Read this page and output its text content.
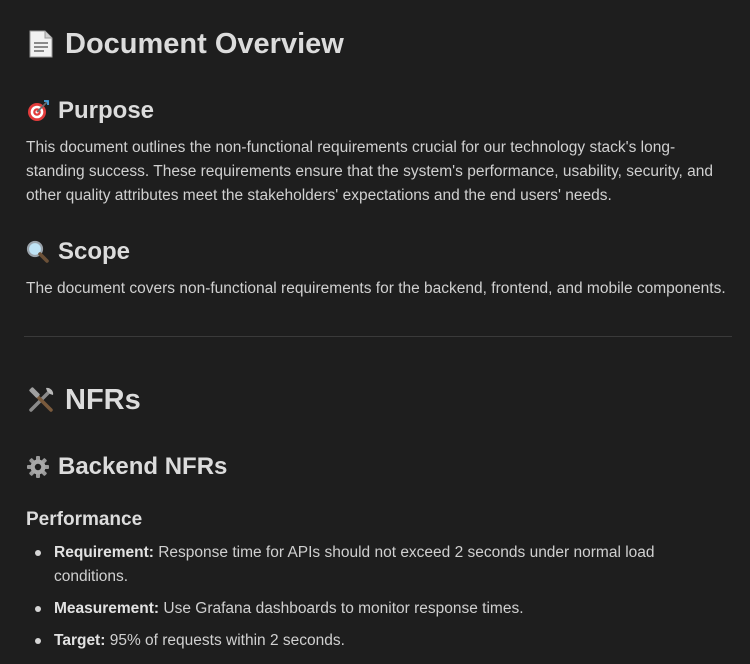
Document Overview
Purpose

This document outlines the non-functional requirements crucial for our technology stack's long-standing success. These requirements ensure that the system's performance, usability, security, and other quality attributes meet the stakeholders' expectations and the end users' needs.

Scope

The document covers non-functional requirements for the backend, frontend, and mobile components.

NFRs
Backend NFRs
Performance
Requirement: Response time for APIs should not exceed 2 seconds under normal load conditions.
Measurement: Use Grafana dashboards to monitor response times.
Target: 95% of requests within 2 seconds.
